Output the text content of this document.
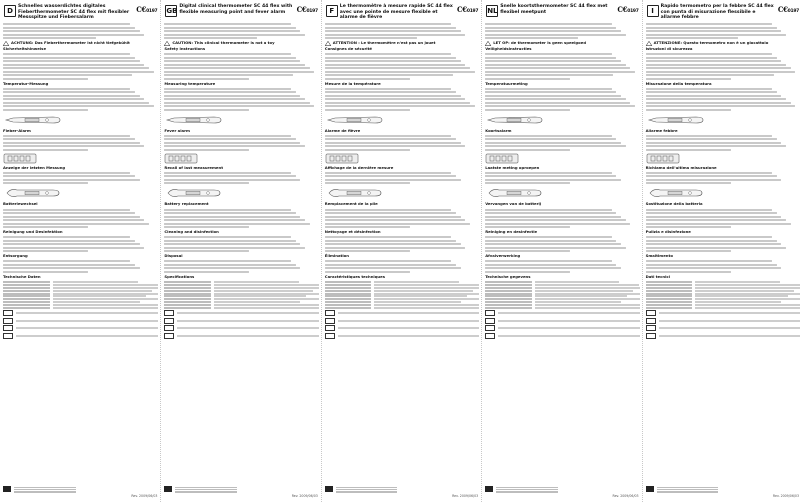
D
Schnelles wasserdichtes digitales Fieberthermometer SC 44 flex mit flexibler Messspitze und Fiebersalarm
C€0197
ACHTUNG: Das Fieberthermometer ist nicht tiefgekühlt
Sicherheitshinweise
Temperatur-Messung
Fieber-Alarm
Anzeige der letzten Messung
Batteriewechsel
Reinigung und Desinfektion
Entsorgung
Technische Daten
Rev. 2009/06/03
GB
Digital clinical thermometer SC 44 flex with flexible measuring point and fever alarm	C€0197
CAUTION: This clinical thermometer is not a toy
Safety instructions
Measuring temperature
Fever alarm
Recall of last measurement
Battery replacement
Cleaning and disinfection
Disposal
Specifications
Rev. 2009/06/03
F
Le thermomètre à mesure rapide SC 44 flex avec une pointe de mesure flexible et alarme de fièvre
C€0197
ATTENTION : Le thermomètre n'est pas un jouet
Consignes de sécurité
Mesure de la température
Alarme de fièvre
Affichage de la dernière mesure
Remplacement de la pile
Nettoyage et désinfection
Élimination
Caractéristiques techniques
Rev. 2009/06/03
NL
Snelle koortsthermometer SC 44 flex met flexibel meetpunt	C€0197
LET OP: de thermometer is geen speelgoed
Veiligheidsinstructies
Temperatuurmeting
Koortsalarm
Laatste meting oproepen
Vervangen van de batterij
Reiniging en desinfectie
Afvalverwerking
Technische gegevens
Rev. 2009/06/03
I
Rapido termometro per la febbre SC 44 flex con punta di misurazione flessibile e allarme febbre
C€0197
ATTENZIONE: Questo termometro non è un giocattolo
Istruzioni di sicurezza
Misurazione della temperatura
Allarme febbre
Richiamo dell'ultima misurazione
Sostituzione della batteria
Pulizia e disinfezione
Smaltimento
Dati tecnici
Rev. 2009/06/03
